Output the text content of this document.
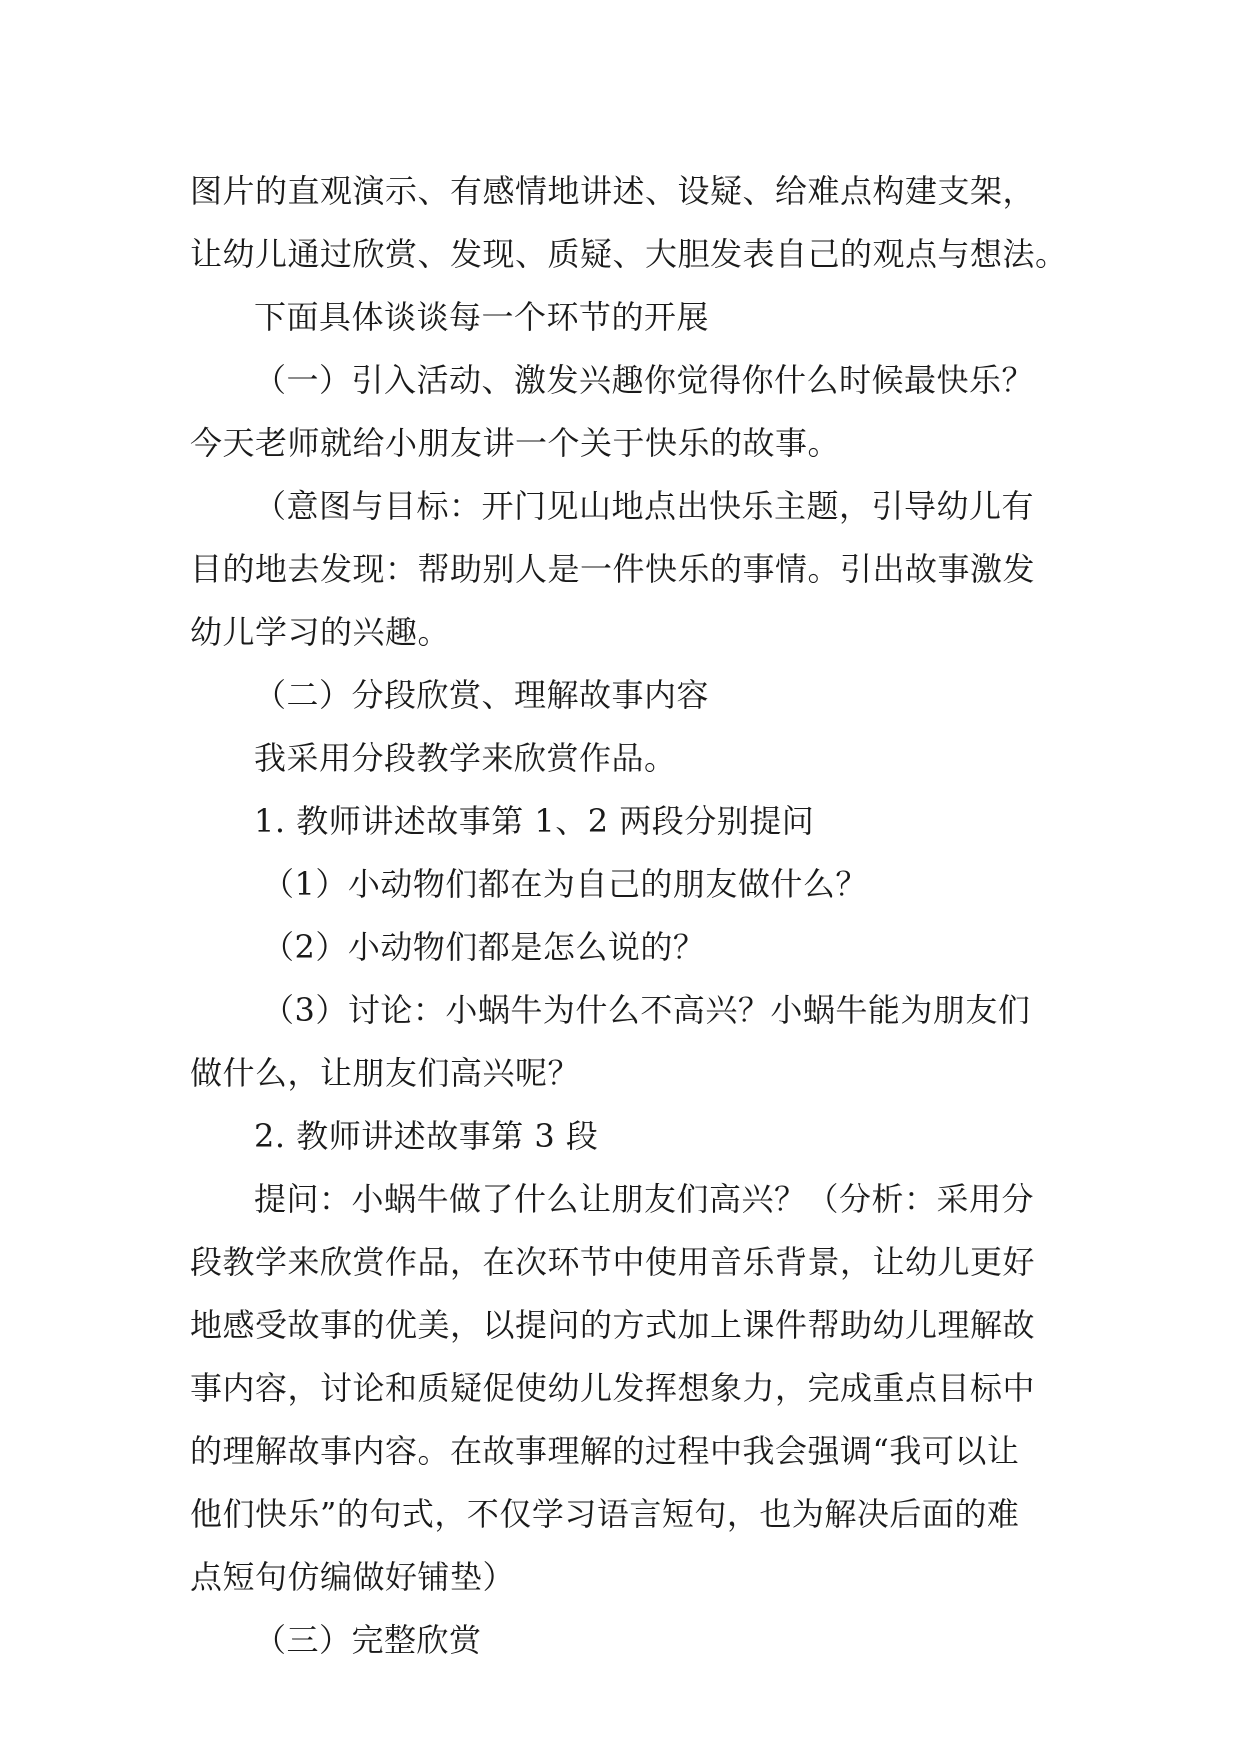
图片的直观演示、有感情地讲述、设疑、给难点构建支架，
让幼儿通过欣赏、发现、质疑、大胆发表自己的观点与想法。
下面具体谈谈每一个环节的开展
（一）引入活动、激发兴趣你觉得你什么时候最快乐？
今天老师就给小朋友讲一个关于快乐的故事。
（意图与目标：开门见山地点出快乐主题，引导幼儿有
目的地去发现：帮助别人是一件快乐的事情。引出故事激发
幼儿学习的兴趣。
（二）分段欣赏、理解故事内容
我采用分段教学来欣赏作品。
1. 教师讲述故事第 1、2 两段分别提问
（1）小动物们都在为自己的朋友做什么？
（2）小动物们都是怎么说的？
（3）讨论：小蜗牛为什么不高兴？小蜗牛能为朋友们
做什么，让朋友们高兴呢？
2. 教师讲述故事第 3 段
提问：小蜗牛做了什么让朋友们高兴？（分析：采用分
段教学来欣赏作品，在次环节中使用音乐背景，让幼儿更好
地感受故事的优美，以提问的方式加上课件帮助幼儿理解故
事内容，讨论和质疑促使幼儿发挥想象力，完成重点目标中
的理解故事内容。在故事理解的过程中我会强调“我可以让
他们快乐”的句式，不仅学习语言短句，也为解决后面的难
点短句仿编做好铺垫）
（三）完整欣赏
